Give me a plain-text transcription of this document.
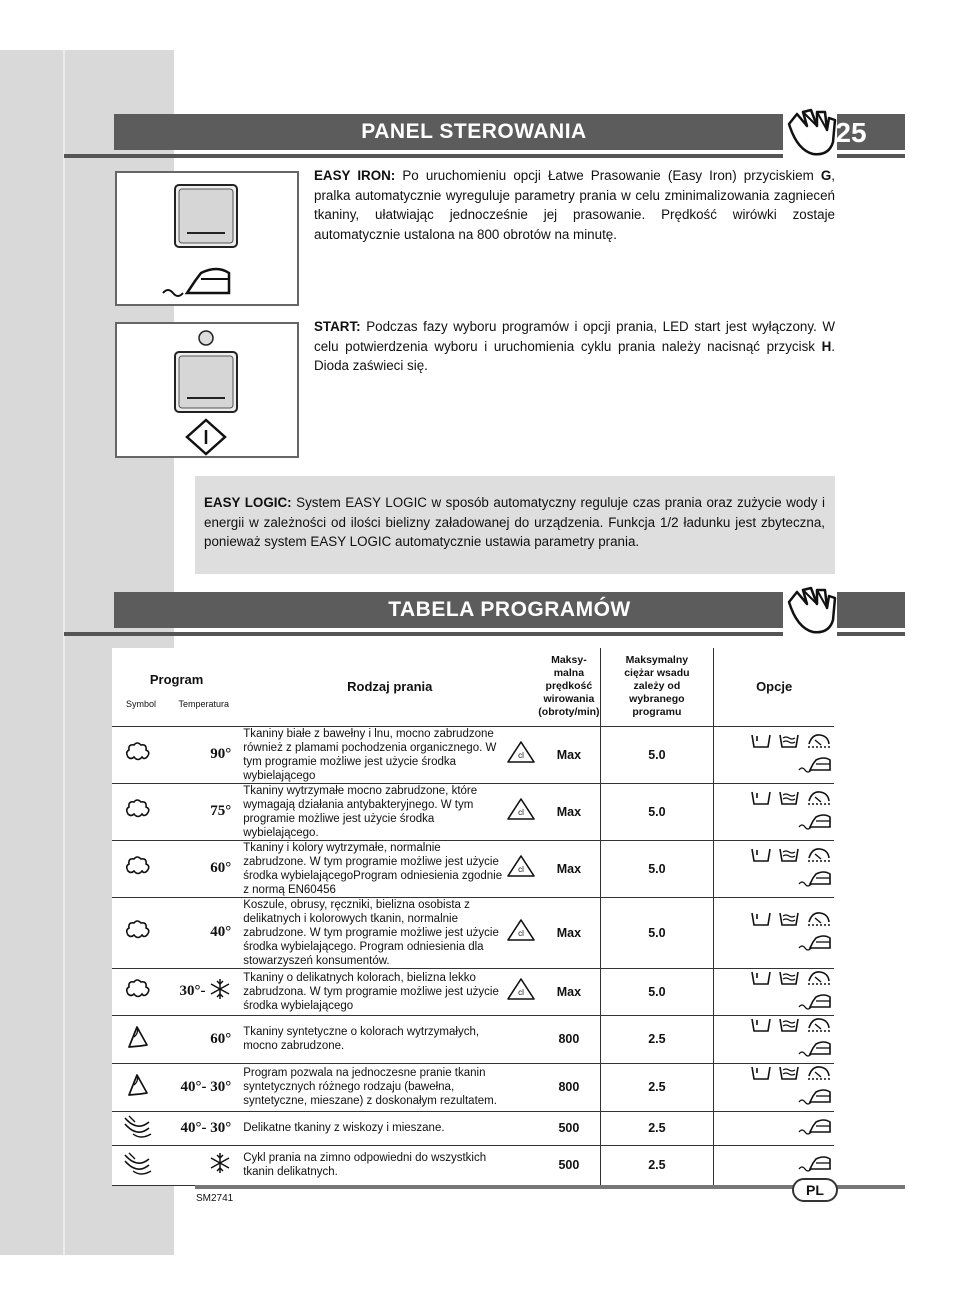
PANEL STEROWANIA	25
EASY IRON: Po uruchomieniu opcji Łatwe Prasowanie (Easy Iron) przyciskiem G, pralka automatycznie wyreguluje parametry prania w celu zminimalizowania zagnieceń tkaniny, ułatwiając jednocześnie jej prasowanie. Prędkość wirówki zostaje automatycznie ustalona na 800 obrotów na minutę.
START: Podczas fazy wyboru programów i opcji prania, LED start jest wyłączony. W celu potwierdzenia wyboru i uruchomienia cyklu prania należy nacisnąć przycisk H. Dioda zaświeci się.
EASY LOGIC: System EASY LOGIC w sposób automatyczny reguluje czas prania oraz zużycie wody i energii w zależności od ilości bielizny załadowanej do urządzenia. Funkcja 1/2 ładunku jest zbyteczna, ponieważ system EASY LOGIC automatycznie ustawia parametry prania.
TABELA PROGRAMÓW
Program
Symbol Temperatura		Rodzaj prania		Maksy- malna prędkość wirowania (obroty/min)	Maksymalny ciężar wsadu zależy od wybranego programu	Opcje
	90°	Tkaniny białe z bawełny i lnu, mocno zabrudzone również z plamami pochodzenia organicznego. W tym programie możliwe jest użycie środka wybielającego	cl	Max	5.0	
	75°	Tkaniny wytrzymałe mocno zabrudzone, które wymagają działania antybakteryjnego. W tym programie możliwe jest użycie środka wybielającego.	cl	Max	5.0	
	60°	Tkaniny i kolory wytrzymałe, normalnie zabrudzone. W tym programie możliwe jest użycie środka wybielającegoProgram odniesienia zgodnie z normą EN60456	cl	Max	5.0	
	40°	Koszule, obrusy, ręczniki, bielizna osobista z delikatnych i kolorowych tkanin, normalnie zabrudzone. W tym programie możliwe jest użycie środka wybielającego. Program odniesienia dla stowarzyszeń konsumentów.	cl	Max	5.0	
	30°-	Tkaniny o delikatnych kolorach, bielizna lekko zabrudzona. W tym programie możliwe jest użycie środka wybielającego	cl	Max	5.0	
	60°	Tkaniny syntetyczne o kolorach wytrzymałych, mocno zabrudzone.		800	2.5	
	40°- 30°	Program pozwala na jednoczesne pranie tkanin syntetycznych różnego rodzaju (bawełna, syntetyczne, mieszane) z doskonałym rezultatem.		800	2.5	
	40°- 30°	Delikatne tkaniny z wiskozy i mieszane.		500	2.5	
		Cykl prania na zimno odpowiedni do wszystkich tkanin delikatnych.		500	2.5	
PL
SM2741
